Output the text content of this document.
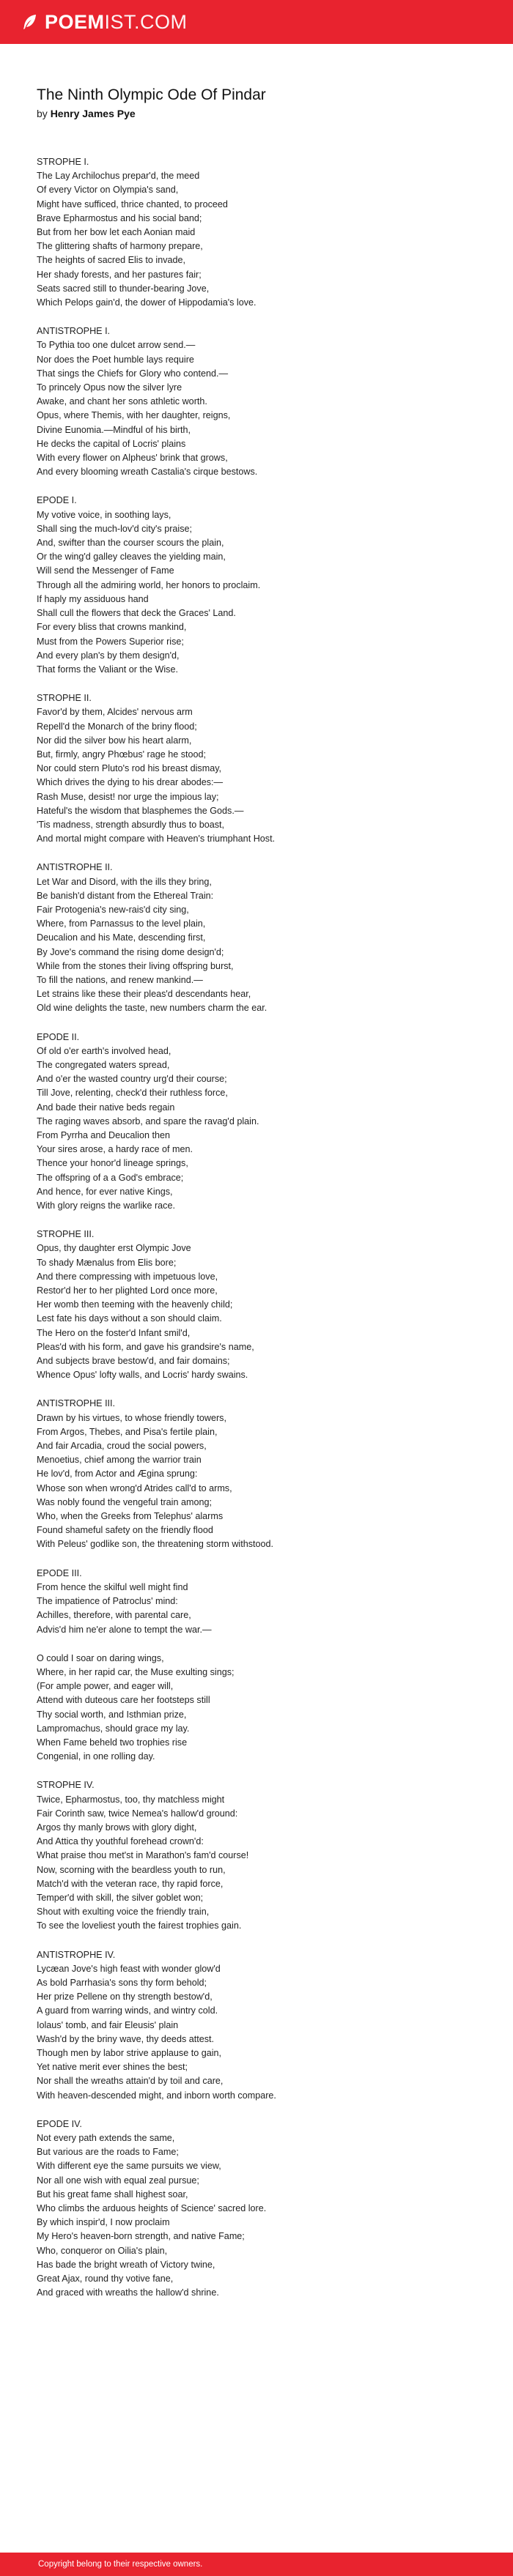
POEMIST.COM
The Ninth Olympic Ode Of Pindar
by Henry James Pye
STROPHE I.
The Lay Archilochus prepar'd, the meed
Of every Victor on Olympia's sand,
Might have sufficed, thrice chanted, to proceed
Brave Epharmostus and his social band;
But from her bow let each Aonian maid
The glittering shafts of harmony prepare,
The heights of sacred Elis to invade,
Her shady forests, and her pastures fair;
Seats sacred still to thunder-bearing Jove,
Which Pelops gain'd, the dower of Hippodamia's love.
ANTISTROPHE I.
To Pythia too one dulcet arrow send.—
Nor does the Poet humble lays require
That sings the Chiefs for Glory who contend.—
To princely Opus now the silver lyre
Awake, and chant her sons athletic worth.
Opus, where Themis, with her daughter, reigns,
Divine Eunomia.—Mindful of his birth,
He decks the capital of Locris' plains
With every flower on Alpheus' brink that grows,
And every blooming wreath Castalia's cirque bestows.
EPODE I.
My votive voice, in soothing lays,
Shall sing the much-lov'd city's praise;
And, swifter than the courser scours the plain,
Or the wing'd galley cleaves the yielding main,
Will send the Messenger of Fame
Through all the admiring world, her honors to proclaim.
If haply my assiduous hand
Shall cull the flowers that deck the Graces' Land.
For every bliss that crowns mankind,
Must from the Powers Superior rise;
And every plan's by them design'd,
That forms the Valiant or the Wise.
STROPHE II.
Favor'd by them, Alcides' nervous arm
Repell'd the Monarch of the briny flood;
Nor did the silver bow his heart alarm,
But, firmly, angry Phœbus' rage he stood;
Nor could stern Pluto's rod his breast dismay,
Which drives the dying to his drear abodes:—
Rash Muse, desist! nor urge the impious lay;
Hateful's the wisdom that blasphemes the Gods.—
'Tis madness, strength absurdly thus to boast,
And mortal might compare with Heaven's triumphant Host.
ANTISTROPHE II.
Let War and Disord, with the ills they bring,
Be banish'd distant from the Ethereal Train:
Fair Protogenia's new-rais'd city sing,
Where, from Parnassus to the level plain,
Deucalion and his Mate, descending first,
By Jove's command the rising dome design'd;
While from the stones their living offspring burst,
To fill the nations, and renew mankind.—
Let strains like these their pleas'd descendants hear,
Old wine delights the taste, new numbers charm the ear.
EPODE II.
Of old o'er earth's involved head,
The congregated waters spread,
And o'er the wasted country urg'd their course;
Till Jove, relenting, check'd their ruthless force,
And bade their native beds regain
The raging waves absorb, and spare the ravag'd plain.
From Pyrrha and Deucalion then
Your sires arose, a hardy race of men.
Thence your honor'd lineage springs,
The offspring of a a God's embrace;
And hence, for ever native Kings,
With glory reigns the warlike race.
STROPHE III.
Opus, thy daughter erst Olympic Jove
To shady Mænalus from Elis bore;
And there compressing with impetuous love,
Restor'd her to her plighted Lord once more,
Her womb then teeming with the heavenly child;
Lest fate his days without a son should claim.
The Hero on the foster'd Infant smil'd,
Pleas'd with his form, and gave his grandsire's name,
And subjects brave bestow'd, and fair domains;
Whence Opus' lofty walls, and Locris' hardy swains.
ANTISTROPHE III.
Drawn by his virtues, to whose friendly towers,
From Argos, Thebes, and Pisa's fertile plain,
And fair Arcadia, croud the social powers,
Menoetius, chief among the warrior train
He lov'd, from Actor and Ægina sprung:
Whose son when wrong'd Atrides call'd to arms,
Was nobly found the vengeful train among;
Who, when the Greeks from Telephus' alarms
Found shameful safety on the friendly flood
With Peleus' godlike son, the threatening storm withstood.
EPODE III.
From hence the skilful well might find
The impatience of Patroclus' mind:
Achilles, therefore, with parental care,
Advis'd him ne'er alone to tempt the war.—
O could I soar on daring wings,
Where, in her rapid car, the Muse exulting sings;
(For ample power, and eager will,
Attend with duteous care her footsteps still
Thy social worth, and Isthmian prize,
Lampromachus, should grace my lay.
When Fame beheld two trophies rise
Congenial, in one rolling day.
STROPHE IV.
Twice, Epharmostus, too, thy matchless might
Fair Corinth saw, twice Nemea's hallow'd ground:
Argos thy manly brows with glory dight,
And Attica thy youthful forehead crown'd:
What praise thou met'st in Marathon's fam'd course!
Now, scorning with the beardless youth to run,
Match'd with the veteran race, thy rapid force,
Temper'd with skill, the silver goblet won;
Shout with exulting voice the friendly train,
To see the loveliest youth the fairest trophies gain.
ANTISTROPHE IV.
Lycæan Jove's high feast with wonder glow'd
As bold Parrhasia's sons thy form behold;
Her prize Pellene on thy strength bestow'd,
A guard from warring winds, and wintry cold.
Iolaus' tomb, and fair Eleusis' plain
Wash'd by the briny wave, thy deeds attest.
Though men by labor strive applause to gain,
Yet native merit ever shines the best;
Nor shall the wreaths attain'd by toil and care,
With heaven-descended might, and inborn worth compare.
EPODE IV.
Not every path extends the same,
But various are the roads to Fame;
With different eye the same pursuits we view,
Nor all one wish with equal zeal pursue;
But his great fame shall highest soar,
Who climbs the arduous heights of Science' sacred lore.
By which inspir'd, I now proclaim
My Hero's heaven-born strength, and native Fame;
Who, conqueror on Oilia's plain,
Has bade the bright wreath of Victory twine,
Great Ajax, round thy votive fane,
And graced with wreaths the hallow'd shrine.
Copyright belong to their respective owners.
